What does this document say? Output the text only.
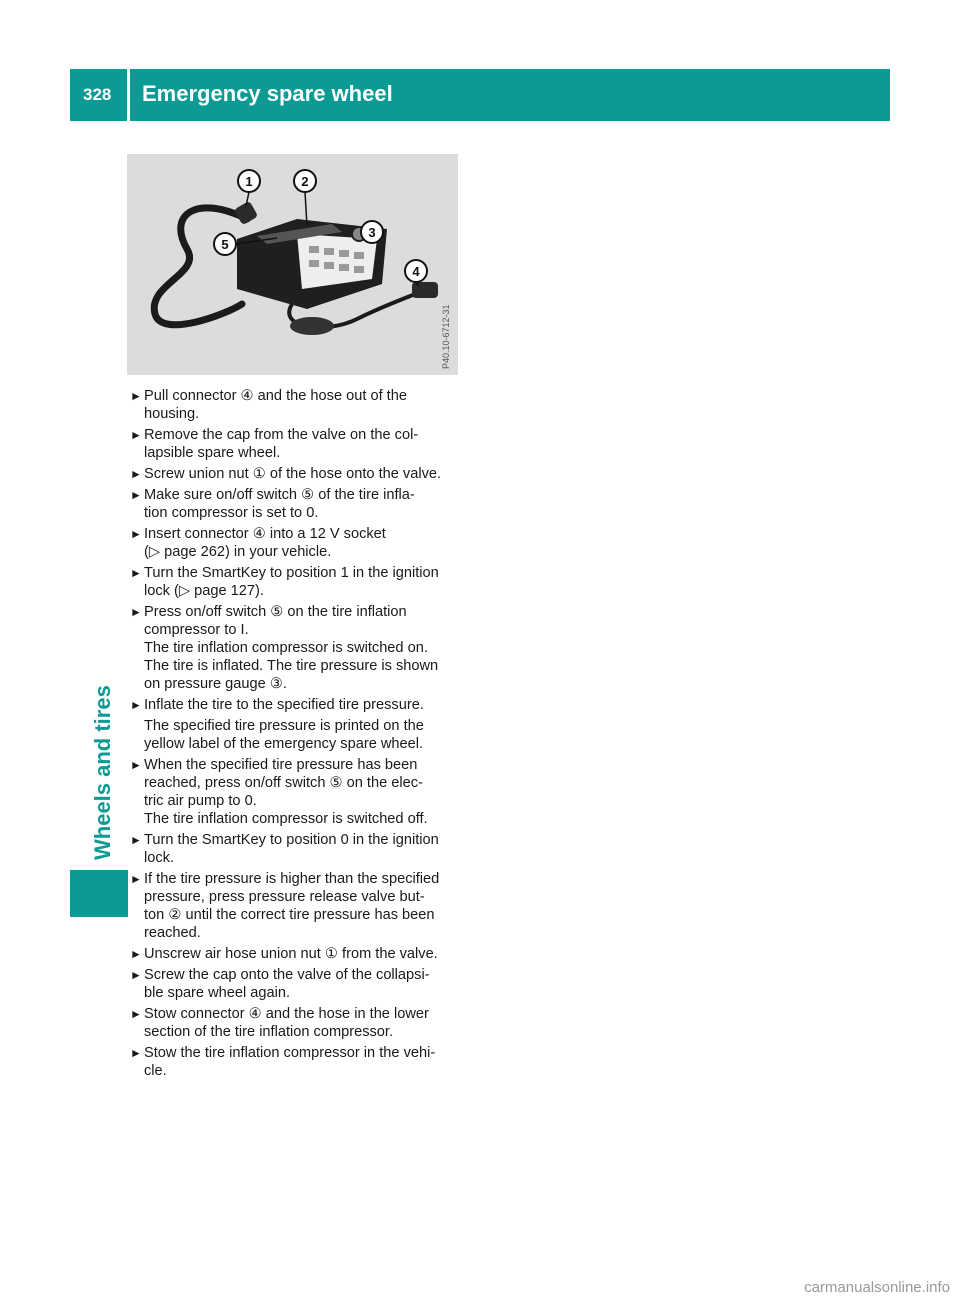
328 Emergency spare wheel
Wheels and tires
1	2
3
4
5
P40.10-6712-31
► Pull connector ④ and the hose out of the
housing.
► Remove the cap from the valve on the col-
lapsible spare wheel.
► Screw union nut ① of the hose onto the valve.
► Make sure on/off switch ⑤ of the tire infla-
tion compressor is set to 0.
► Insert connector ④ into a 12 V socket
(▷ page 262) in your vehicle.
► Turn the SmartKey to position 1 in the ignition
lock (▷ page 127).
► Press on/off switch ⑤ on the tire inflation
compressor to I.
The tire inflation compressor is switched on.
The tire is inflated. The tire pressure is shown
on pressure gauge ③.
► Inflate the tire to the specified tire pressure.
The specified tire pressure is printed on the yellow label of the emergency spare wheel.
► When the specified tire pressure has been
reached, press on/off switch ⑤ on the elec-
tric air pump to 0.
The tire inflation compressor is switched off.
► Turn the SmartKey to position 0 in the ignition
lock.
► If the tire pressure is higher than the specified
pressure, press pressure release valve but-
ton ② until the correct tire pressure has been
reached.
► Unscrew air hose union nut ① from the valve.
► Screw the cap onto the valve of the collapsi-
ble spare wheel again.
► Stow connector ④ and the hose in the lower
section of the tire inflation compressor.
► Stow the tire inflation compressor in the vehi-
cle.
carmanualsonline.info
